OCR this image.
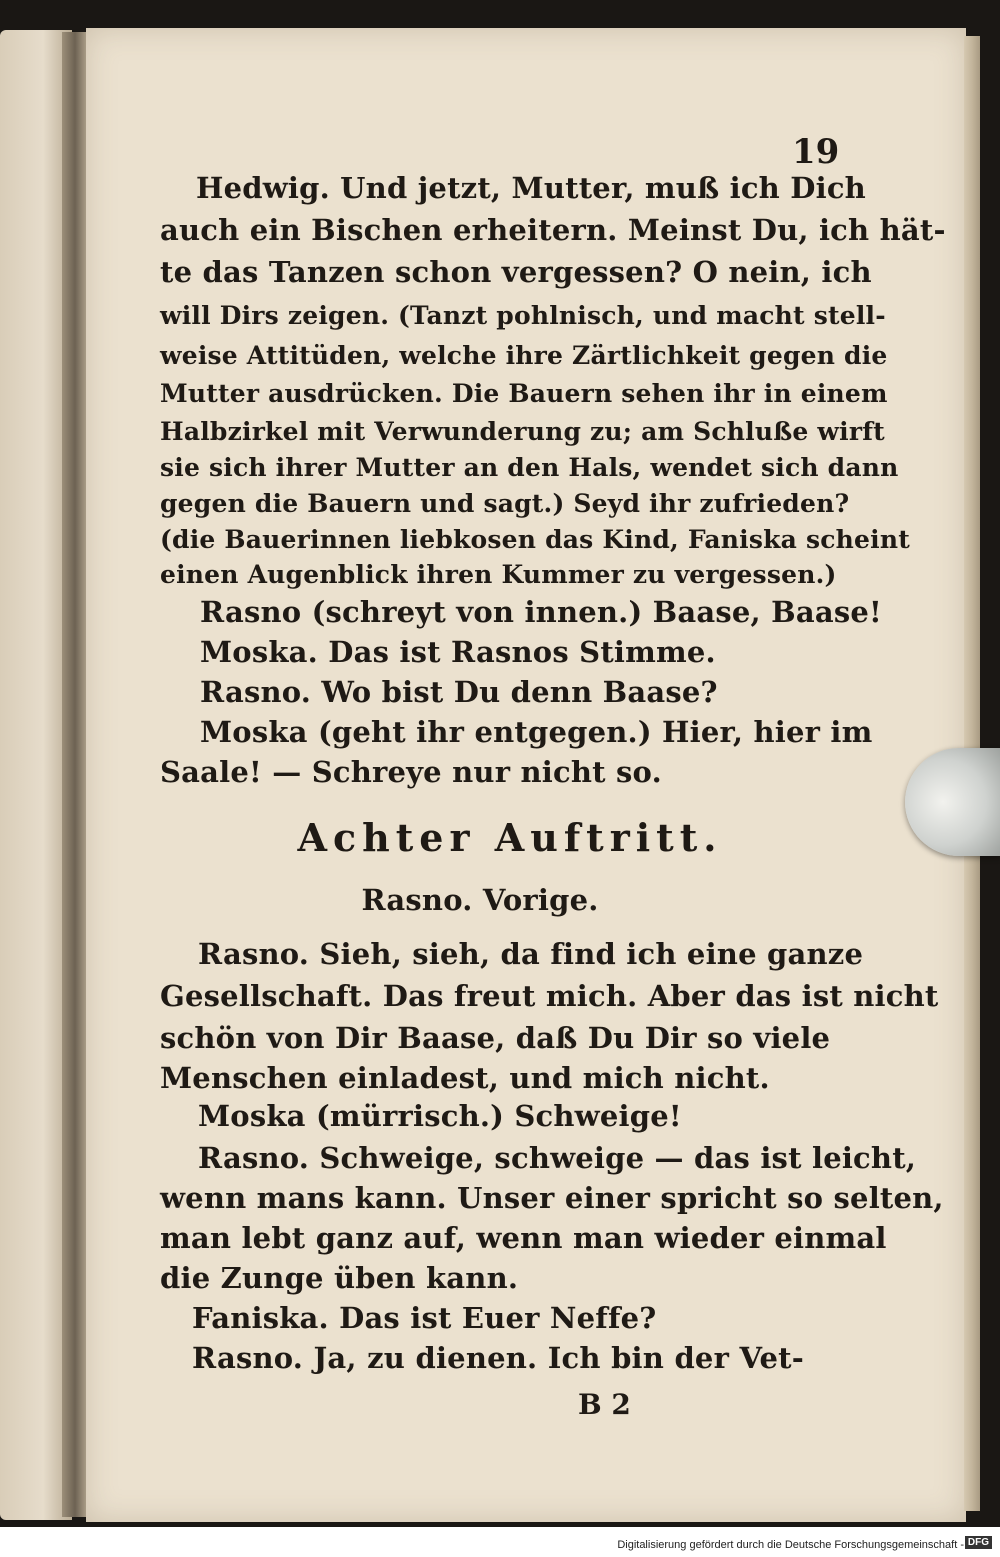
19
Hedwig. Und jetzt, Mutter, muß ich Dich
auch ein Bischen erheitern. Meinst Du, ich hät-
te das Tanzen schon vergessen? O nein, ich
will Dirs zeigen. (Tanzt pohlnisch, und macht stell-
weise Attitüden, welche ihre Zärtlichkeit gegen die
Mutter ausdrücken. Die Bauern sehen ihr in einem
Halbzirkel mit Verwunderung zu; am Schluße wirft
sie sich ihrer Mutter an den Hals, wendet sich dann
gegen die Bauern und sagt.) Seyd ihr zufrieden?
(die Bauerinnen liebkosen das Kind, Faniska scheint
einen Augenblick ihren Kummer zu vergessen.)
Rasno (schreyt von innen.) Baase, Baase!
Moska. Das ist Rasnos Stimme.
Rasno. Wo bist Du denn Baase?
Moska (geht ihr entgegen.) Hier, hier im
Saale! — Schreye nur nicht so.
Achter Auftritt.
Rasno. Vorige.
Rasno. Sieh, sieh, da find ich eine ganze
Gesellschaft. Das freut mich. Aber das ist nicht
schön von Dir Baase, daß Du Dir so viele
Menschen einladest, und mich nicht.
Moska (mürrisch.) Schweige!
Rasno. Schweige, schweige — das ist leicht,
wenn mans kann. Unser einer spricht so selten,
man lebt ganz auf, wenn man wieder einmal
die Zunge üben kann.
Faniska. Das ist Euer Neffe?
Rasno. Ja, zu dienen. Ich bin der Vet-
B 2
Digitalisierung gefördert durch die Deutsche Forschungsgemeinschaft - DFG
